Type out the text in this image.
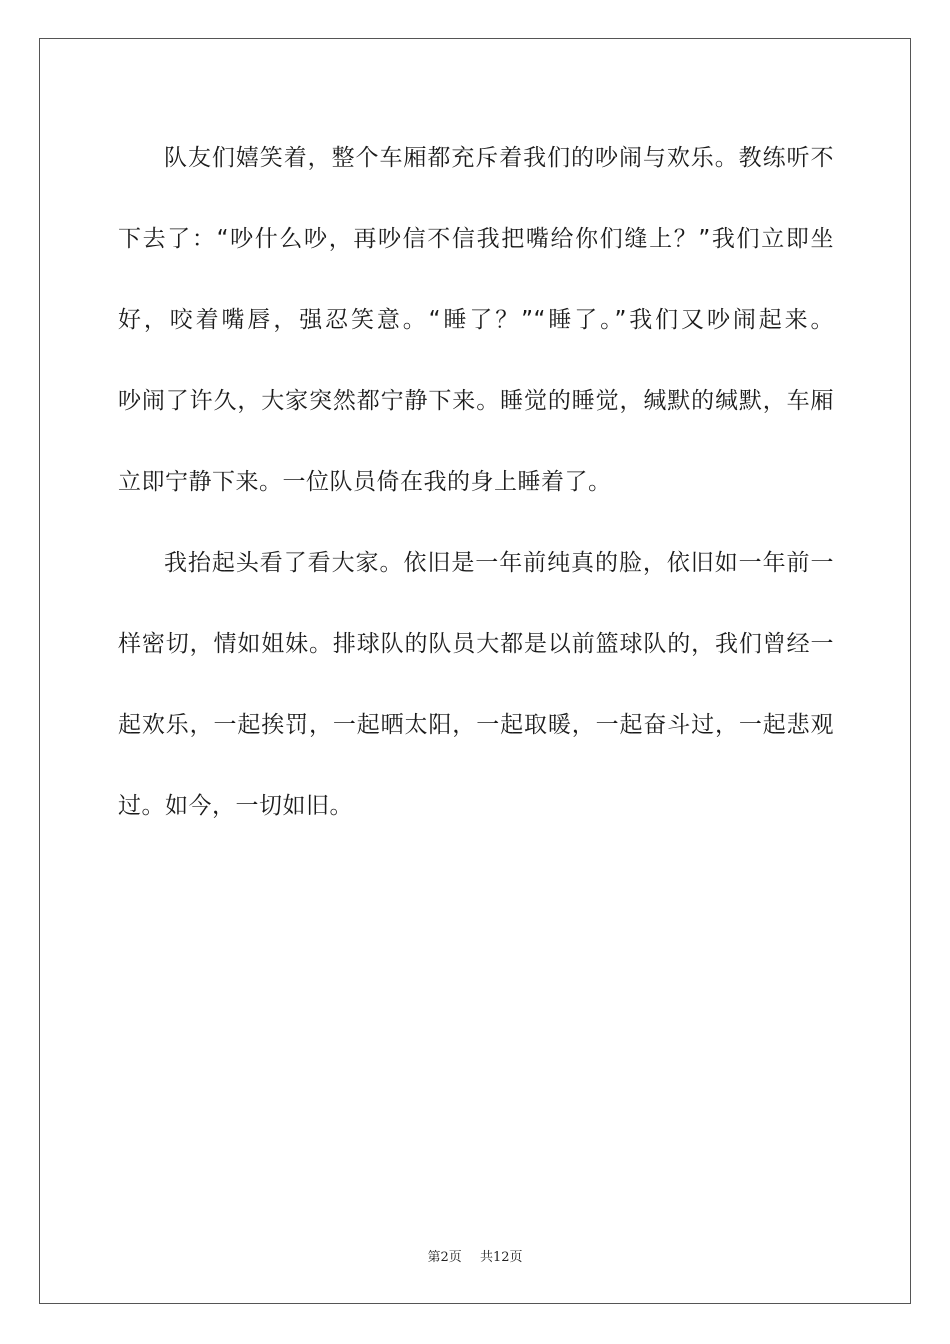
队友们嬉笑着，整个车厢都充斥着我们的吵闹与欢乐。教练听不
下去了：“吵什么吵，再吵信不信我把嘴给你们缝上？”我们立即坐
好，咬着嘴唇，强忍笑意。“睡了？”“睡了。”我们又吵闹起来。
吵闹了许久，大家突然都宁静下来。睡觉的睡觉，缄默的缄默，车厢
立即宁静下来。一位队员倚在我的身上睡着了。
我抬起头看了看大家。依旧是一年前纯真的脸，依旧如一年前一
样密切，情如姐妹。排球队的队员大都是以前篮球队的，我们曾经一
起欢乐，一起挨罚，一起晒太阳，一起取暖，一起奋斗过，一起悲观
过。如今，一切如旧。
第2页 共12页
